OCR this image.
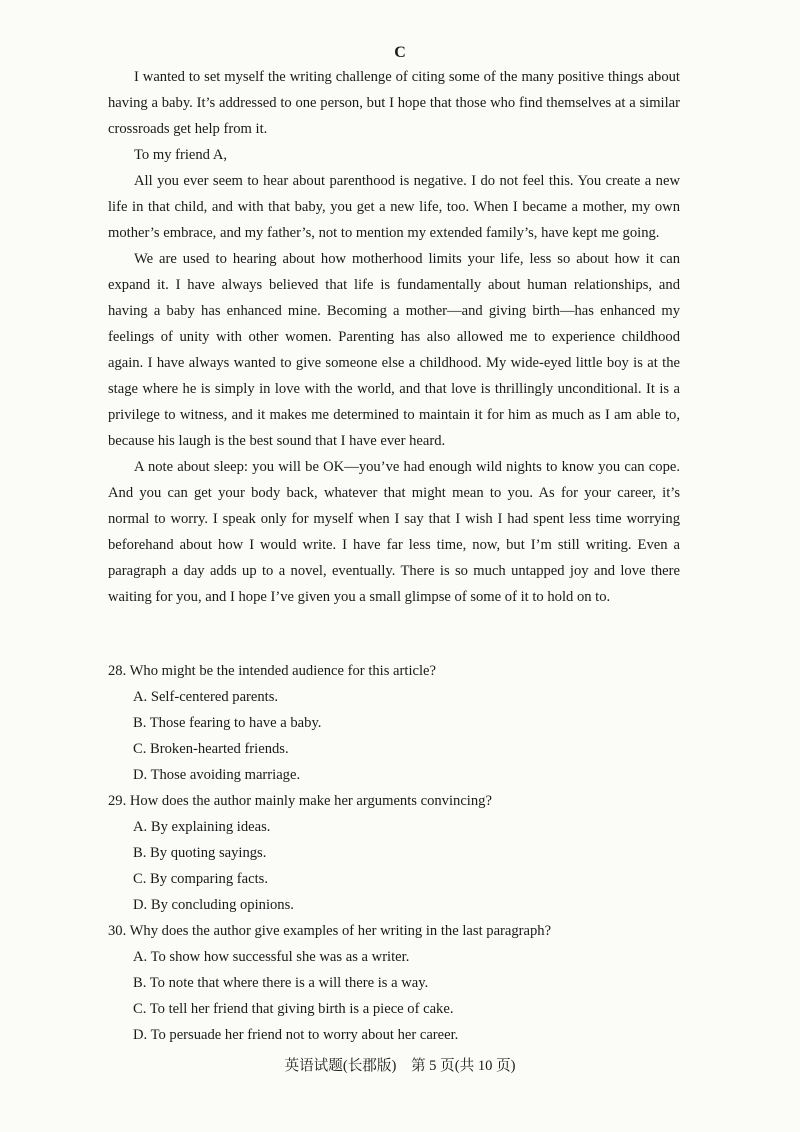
C

I wanted to set myself the writing challenge of citing some of the many positive things about having a baby. It’s addressed to one person, but I hope that those who find themselves at a similar crossroads get help from it.

To my friend A,

All you ever seem to hear about parenthood is negative. I do not feel this. You create a new life in that child, and with that baby, you get a new life, too. When I became a mother, my own mother’s embrace, and my father’s, not to mention my extended family’s, have kept me going.

We are used to hearing about how motherhood limits your life, less so about how it can expand it. I have always believed that life is fundamentally about human relationships, and having a baby has enhanced mine. Becoming a mother—and giving birth—has enhanced my feelings of unity with other women. Parenting has also allowed me to experience childhood again. I have always wanted to give someone else a childhood. My wide-eyed little boy is at the stage where he is simply in love with the world, and that love is thrillingly unconditional. It is a privilege to witness, and it makes me determined to maintain it for him as much as I am able to, because his laugh is the best sound that I have ever heard.

A note about sleep: you will be OK—you’ve had enough wild nights to know you can cope. And you can get your body back, whatever that might mean to you. As for your career, it’s normal to worry. I speak only for myself when I say that I wish I had spent less time worrying beforehand about how I would write. I have far less time, now, but I’m still writing. Even a paragraph a day adds up to a novel, eventually. There is so much untapped joy and love there waiting for you, and I hope I’ve given you a small glimpse of some of it to hold on to.

28. Who might be the intended audience for this article?

A. Self-centered parents.

B. Those fearing to have a baby.

C. Broken-hearted friends.

D. Those avoiding marriage.

29. How does the author mainly make her arguments convincing?

A. By explaining ideas.

B. By quoting sayings.

C. By comparing facts.

D. By concluding opinions.

30. Why does the author give examples of her writing in the last paragraph?

A. To show how successful she was as a writer.

B. To note that where there is a will there is a way.

C. To tell her friend that giving birth is a piece of cake.

D. To persuade her friend not to worry about her career.

英语试题(长郡版)　第 5 页(共 10 页)
